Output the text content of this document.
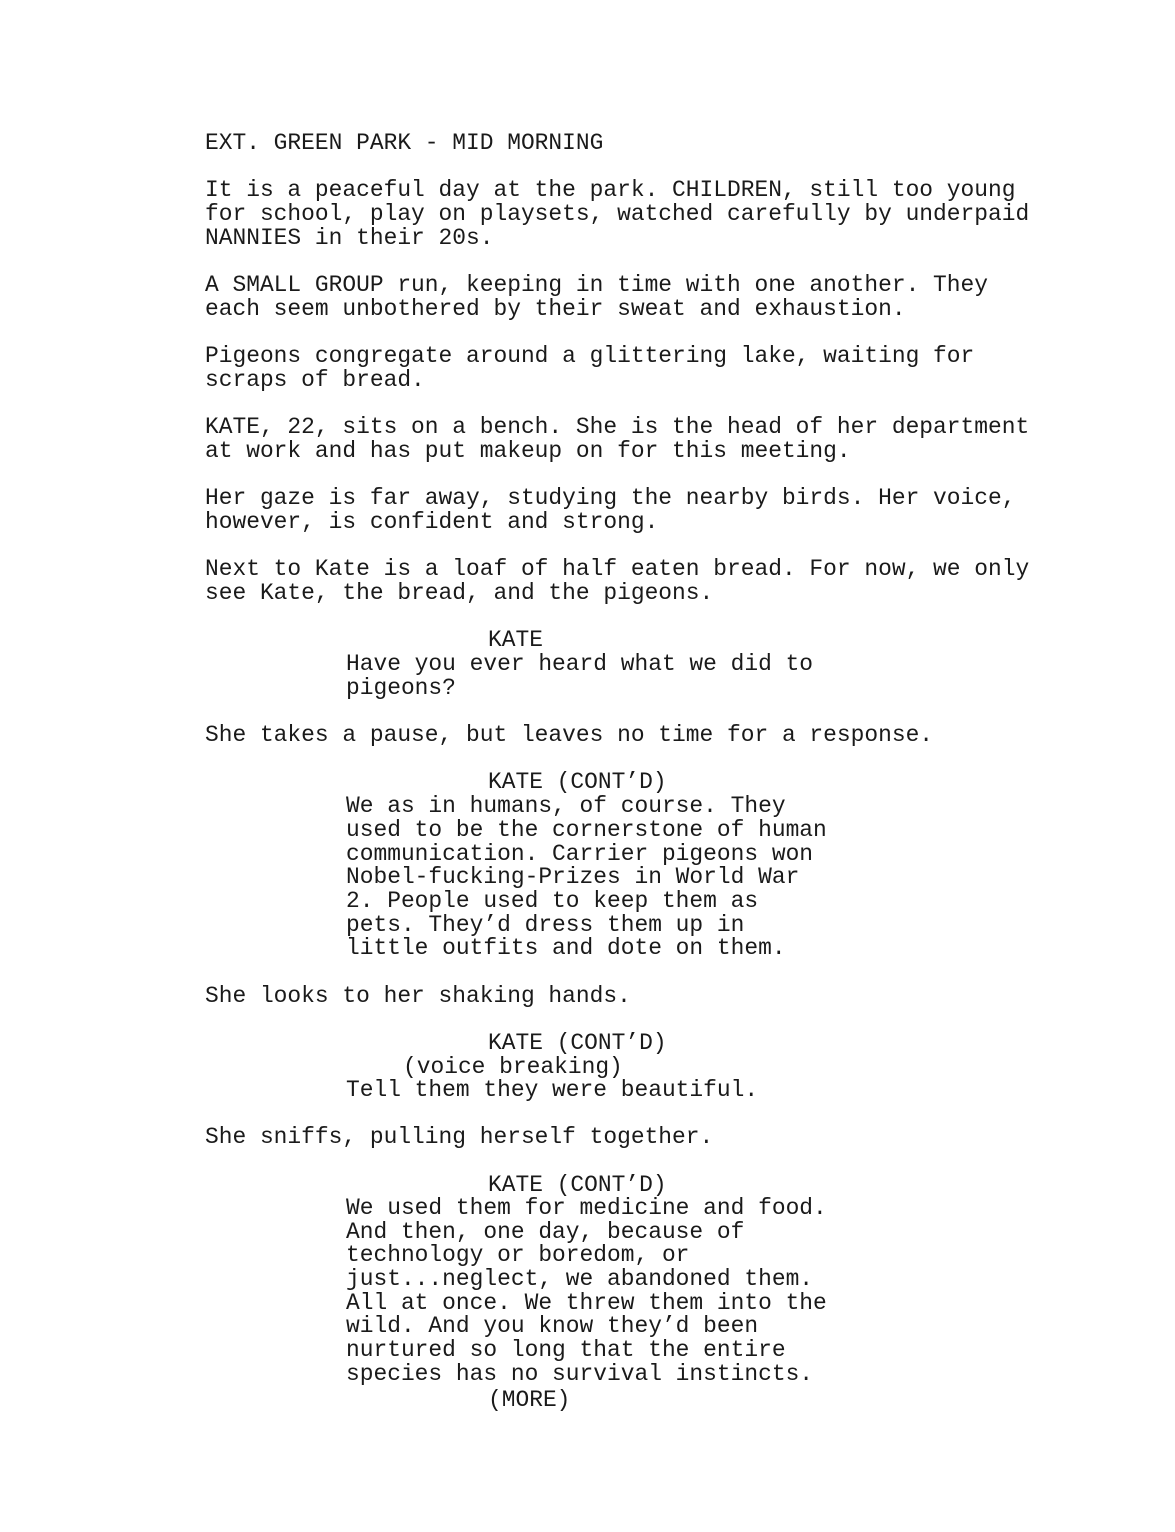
EXT. GREEN PARK - MID MORNING

It is a peaceful day at the park. CHILDREN, still too young

for school, play on playsets, watched carefully by underpaid

NANNIES in their 20s.

A SMALL GROUP run, keeping in time with one another. They

each seem unbothered by their sweat and exhaustion.

Pigeons congregate around a glittering lake, waiting for

scraps of bread.

KATE, 22, sits on a bench. She is the head of her department

at work and has put makeup on for this meeting.

Her gaze is far away, studying the nearby birds. Her voice,

however, is confident and strong.

Next to Kate is a loaf of half eaten bread. For now, we only

see Kate, the bread, and the pigeons.

KATE

Have you ever heard what we did to

pigeons?

She takes a pause, but leaves no time for a response.

KATE (CONT’D)

We as in humans, of course. They

used to be the cornerstone of human

communication. Carrier pigeons won

Nobel-fucking-Prizes in World War

2. People used to keep them as

pets. They’d dress them up in

little outfits and dote on them.

She looks to her shaking hands.

KATE (CONT’D)

(voice breaking)

Tell them they were beautiful.

She sniffs, pulling herself together.

KATE (CONT’D)

We used them for medicine and food.

And then, one day, because of

technology or boredom, or

just...neglect, we abandoned them.

All at once. We threw them into the

wild. And you know they’d been

nurtured so long that the entire

species has no survival instincts.

(MORE)
